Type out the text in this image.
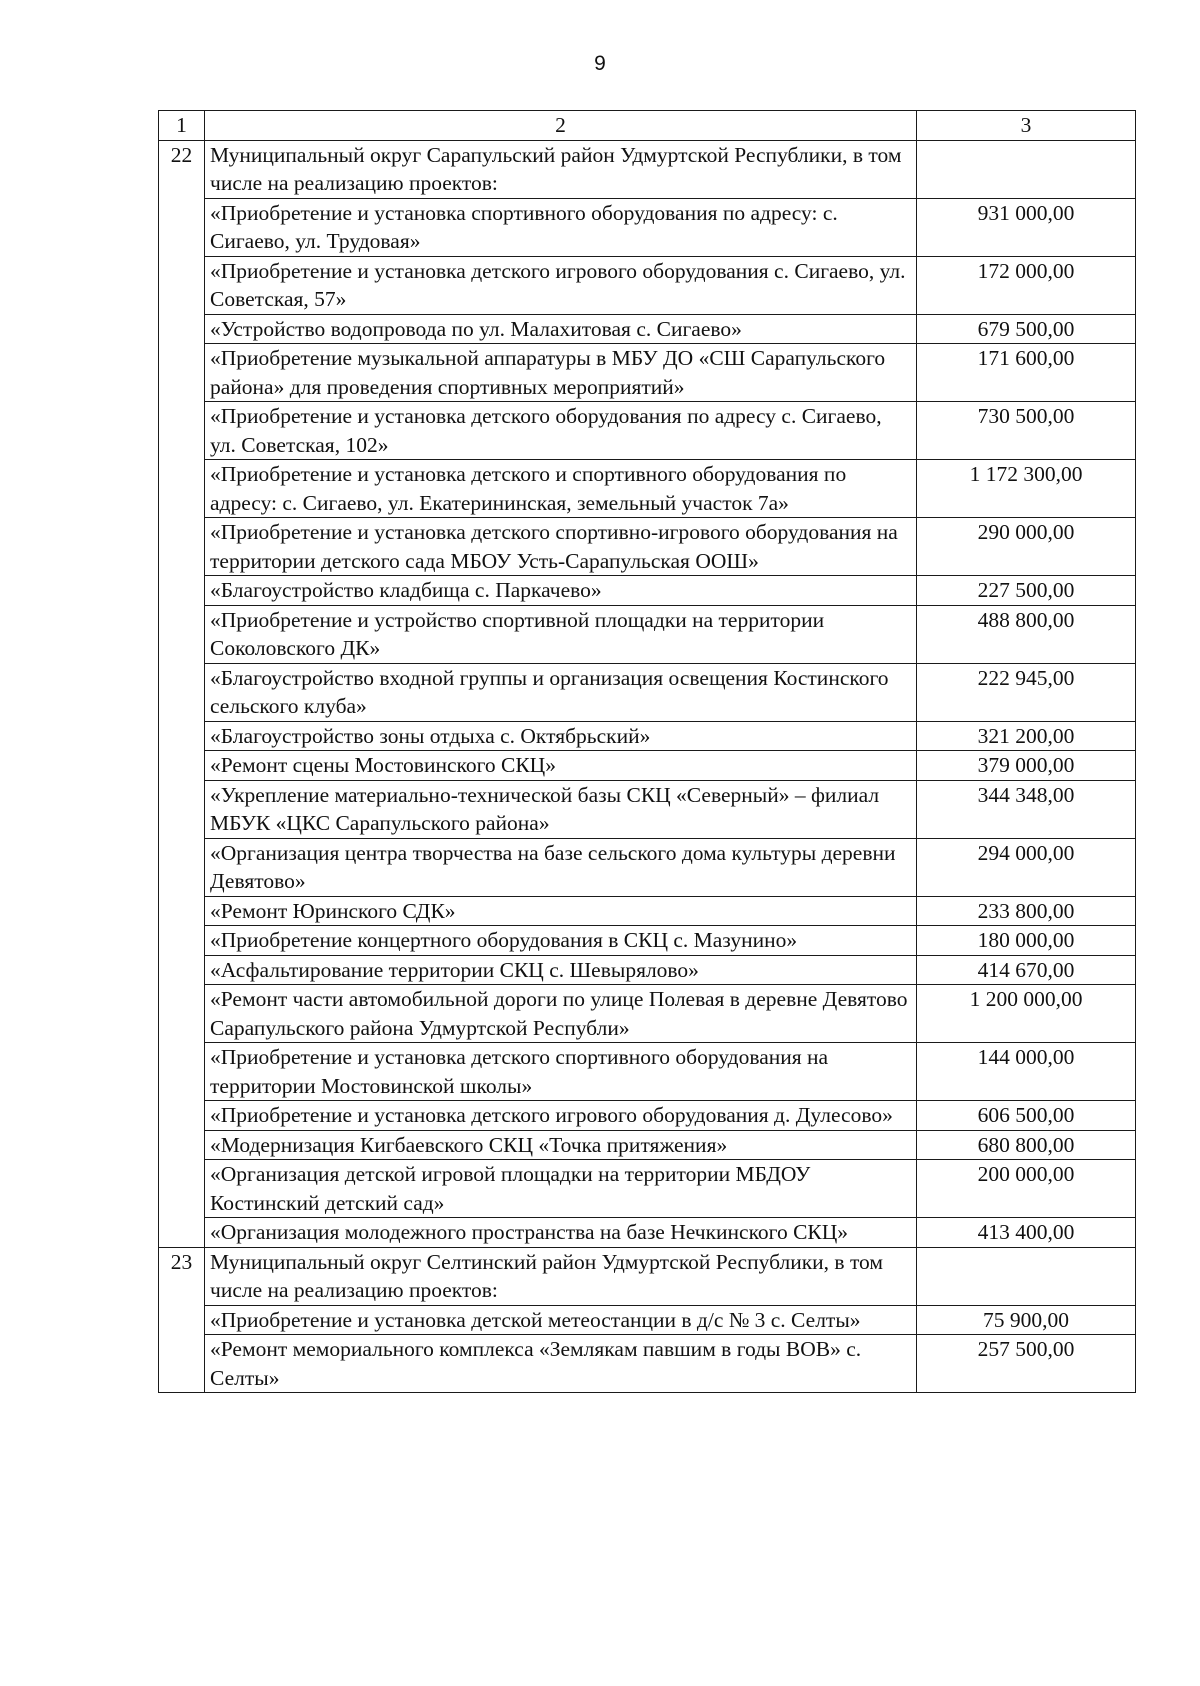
9
1	2	3
22	Муниципальный округ Сарапульский район Удмуртской Республики, в том числе на реализацию проектов:	
	«Приобретение и установка спортивного оборудования по адресу: с. Сигаево, ул. Трудовая»	931 000,00
	«Приобретение и установка детского игрового оборудования с. Сигаево, ул. Советская, 57»	172 000,00
	«Устройство водопровода по ул. Малахитовая с. Сигаево»	679 500,00
	«Приобретение музыкальной аппаратуры в МБУ ДО «СШ Сарапульского района» для проведения спортивных мероприятий»	171 600,00
	«Приобретение и установка детского оборудования по адресу с. Сигаево, ул. Советская, 102»	730 500,00
	«Приобретение и установка детского и спортивного оборудования по адресу: с. Сигаево, ул. Екатерининская, земельный участок 7а»	1 172 300,00
	«Приобретение и установка детского спортивно-игрового оборудования на территории детского сада МБОУ Усть-Сарапульская ООШ»	290 000,00
	«Благоустройство кладбища с. Паркачево»	227 500,00
	«Приобретение и устройство спортивной площадки на территории Соколовского ДК»	488 800,00
	«Благоустройство входной группы и организация освещения Костинского сельского клуба»	222 945,00
	«Благоустройство зоны отдыха с. Октябрьский»	321 200,00
	«Ремонт сцены Мостовинского СКЦ»	379 000,00
	«Укрепление материально-технической базы СКЦ «Северный» – филиал МБУК «ЦКС Сарапульского района»	344 348,00
	«Организация центра творчества на базе сельского дома культуры деревни Девятово»	294 000,00
	«Ремонт Юринского СДК»	233 800,00
	«Приобретение концертного оборудования в СКЦ с. Мазунино»	180 000,00
	«Асфальтирование территории СКЦ с. Шевырялово»	414 670,00
	«Ремонт части автомобильной дороги по улице Полевая в деревне Девятово Сарапульского района Удмуртской Республи»	1 200 000,00
	«Приобретение и установка детского спортивного оборудования на территории Мостовинской школы»	144 000,00
	«Приобретение и установка детского игрового оборудования д. Дулесово»	606 500,00
	«Модернизация Кигбаевского СКЦ «Точка притяжения»	680 800,00
	«Организация детской игровой площадки на территории МБДОУ Костинский детский сад»	200 000,00
	«Организация молодежного пространства на базе Нечкинского СКЦ»	413 400,00
23	Муниципальный округ Селтинский район Удмуртской Республики, в том числе на реализацию проектов:	
	«Приобретение и установка детской метеостанции в д/с № 3 с. Селты»	75 900,00
	«Ремонт мемориального комплекса «Землякам павшим в годы ВОВ» с. Селты»	257 500,00
